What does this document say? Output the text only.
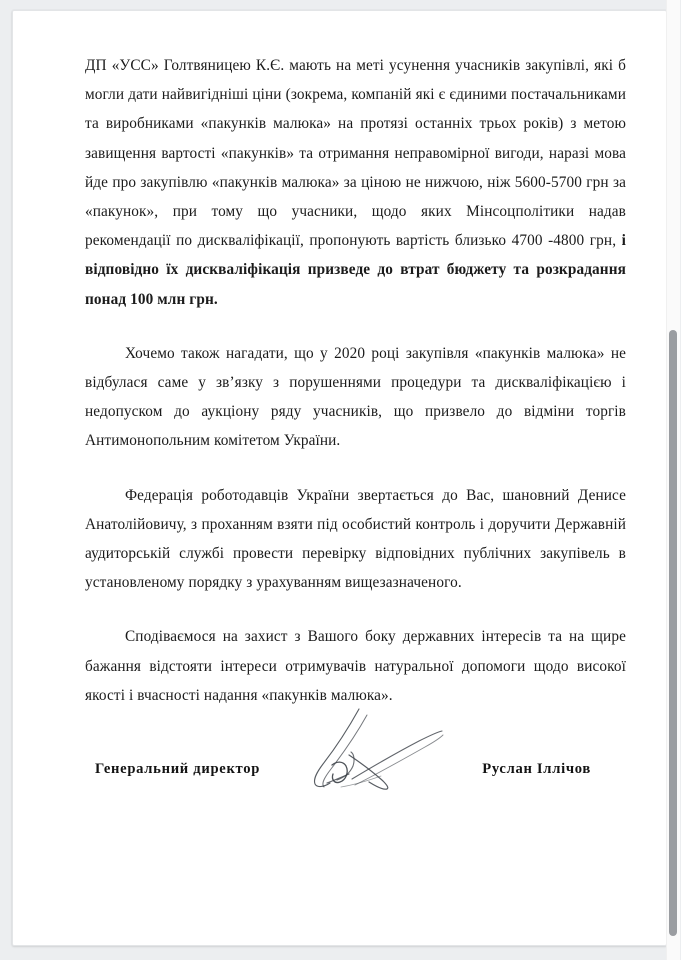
ДП «УСС» Голтвяницею К.Є. мають на меті усунення учасників закупівлі, які б могли дати найвигідніші ціни (зокрема, компаній які є єдиними постачальниками та виробниками «пакунків малюка» на протязі останніх трьох років) з метою завищення вартості «пакунків» та отримання неправомірної вигоди, наразі мова йде про закупівлю «пакунків малюка» за ціною не нижчою, ніж 5600-5700 грн за «пакунок», при тому що учасники, щодо яких Мінсоцполітики надав рекомендації по дискваліфікації, пропонують вартість близько 4700 -4800 грн, і відповідно їх дискваліфікація призведе до втрат бюджету та розкрадання понад 100 млн грн.

Хочемо також нагадати, що у 2020 році закупівля «пакунків малюка» не відбулася саме у зв’язку з порушеннями процедури та дискваліфікацією і недопуском до аукціону ряду учасників, що призвело до відміни торгів Антимонопольним комітетом України.

Федерація роботодавців України звертається до Вас, шановний Денисе Анатолійовичу, з проханням взяти під особистий контроль і доручити Державній аудиторській службі провести перевірку відповідних публічних закупівель в установленому порядку з урахуванням вищезазначеного.

Сподіваємося на захист з Вашого боку державних інтересів та на щире бажання відстояти інтереси отримувачів натуральної допомоги щодо високої якості і вчасності надання «пакунків малюка».

Генеральний директор	Руслан Іллічов
